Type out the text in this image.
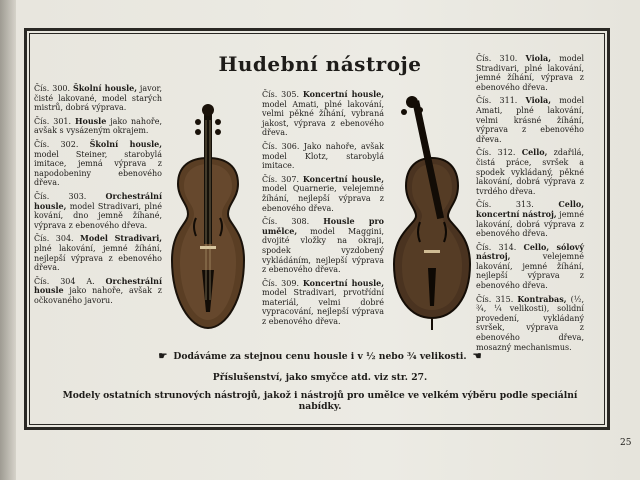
Hudební nástroje
Čís. 300. Školní housle, javor, čisté lakované, model starých mistrů, dobrá výprava.
Čís. 301. Housle jako nahoře, avšak s vysázeným okrajem.
Čís. 302. Školní housle, model Steiner, starobylá imitace, jemná výprava z napodobeniny ebenového dřeva.
Čís. 303. Orchestrální housle, model Stradivari, plné kování, dno jemně žíhané, výprava z ebenového dřeva.
Čís. 304. Model Stradivari, plné lakování, jemné žíhání, nejlepší výprava z ebenového dřeva.
Čís. 304 A. Orchestrální housle jako nahoře, avšak z očkovaného javoru.
Čís. 305. Koncertní housle, model Amati, plné lakování, velmi pěkné žíhání, vybraná jakost, výprava z ebenového dřeva.
Čís. 306. Jako nahoře, avšak model Klotz, starobylá imitace.
Čís. 307. Koncertní housle, model Quarnerie, velejemné žíhání, nejlepší výprava z ebenového dřeva.
Čís. 308. Housle pro umělce, model Maggini, dvojité vložky na okraji, spodek vyzdobený vykládáním, nejlepší výprava z ebenového dřeva.
Čís. 309. Koncertní housle, model Stradivari, prvotřídní materiál, velmi dobré vypracování, nejlepší výprava z ebenového dřeva.
Čís. 310. Viola, model Stradivari, plné lakování, jemné žíhání, výprava z ebenového dřeva.
Čís. 311. Viola, model Amati, plné lakování, velmi krásné žíhání, výprava z ebenového dřeva.
Čís. 312. Cello, zdařilá, čistá práce, svršek a spodek vykládaný, pěkné lakování, dobrá výprava z tvrdého dřeva.
Čís. 313.	Cello, koncertní nástroj, jemné lakování, dobrá výprava z ebenového dřeva.
Čís. 314. Cello, sólový nástroj, velejemné lakování, jemné žíhání, nejlepší výprava z ebenového dřeva.
Čís. 315. Kontrabas, (½, ¾, ¼ velikosti), solidní provedení, vykládaný svršek, výprava z ebenového dřeva, mosazný mechanismus.
☛ Dodáváme za stejnou cenu housle i v ½ nebo ¾ velikosti. ☚
Příslušenství, jako smyčce atd. viz str. 27.
Modely ostatních strunových nástrojů, jakož i nástrojů pro umělce ve velkém výběru podle speciální nabídky.
25
